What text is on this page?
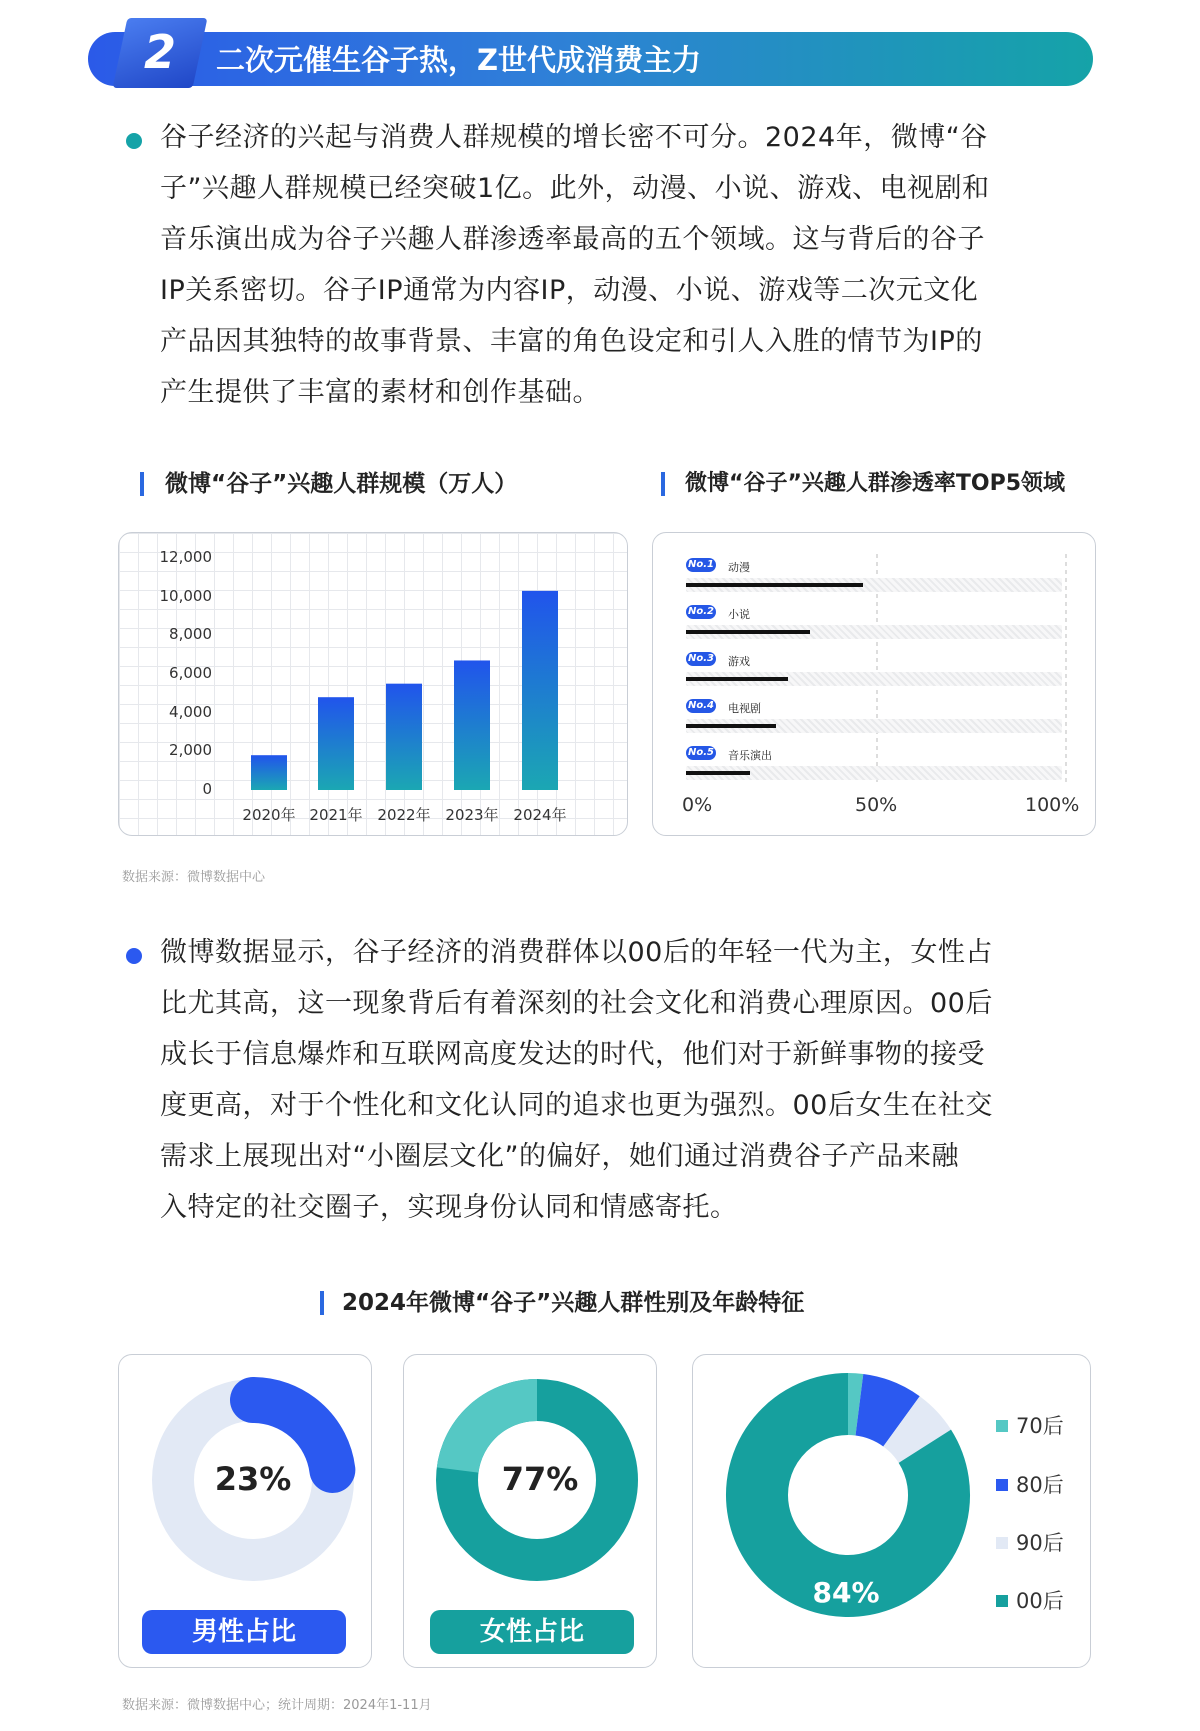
2	二次元催生谷子热，Z世代成消费主力
谷子经济的兴起与消费人群规模的增长密不可分。2024年，微博“谷
子”兴趣人群规模已经突破1亿。此外，动漫、小说、游戏、电视剧和
音乐演出成为谷子兴趣人群渗透率最高的五个领域。这与背后的谷子
IP关系密切。谷子IP通常为内容IP，动漫、小说、游戏等二次元文化
产品因其独特的故事背景、丰富的角色设定和引人入胜的情节为IP的
产生提供了丰富的素材和创作基础。
微博“谷子”兴趣人群规模（万人）	微博“谷子”兴趣人群渗透率TOP5领域
0
2,000
4,000
6,000
8,000
10,000
12,000
2020年 2021年 2022年 2023年 2024年
No.1 动漫
No.2 小说
No.3 游戏
No.4 电视剧
No.5 音乐演出
0%	50%	100%
数据来源：微博数据中心
微博数据显示，谷子经济的消费群体以00后的年轻一代为主，女性占
比尤其高，这一现象背后有着深刻的社会文化和消费心理原因。00后
成长于信息爆炸和互联网高度发达的时代，他们对于新鲜事物的接受
度更高，对于个性化和文化认同的追求也更为强烈。00后女生在社交
需求上展现出对“小圈层文化”的偏好，她们通过消费谷子产品来融
入特定的社交圈子，实现身份认同和情感寄托。
2024年微博“谷子”兴趣人群性别及年龄特征
23%	77%
84%
男性占比	女性占比
70后
80后
90后
00后
数据来源：微博数据中心；统计周期：2024年1-11月
